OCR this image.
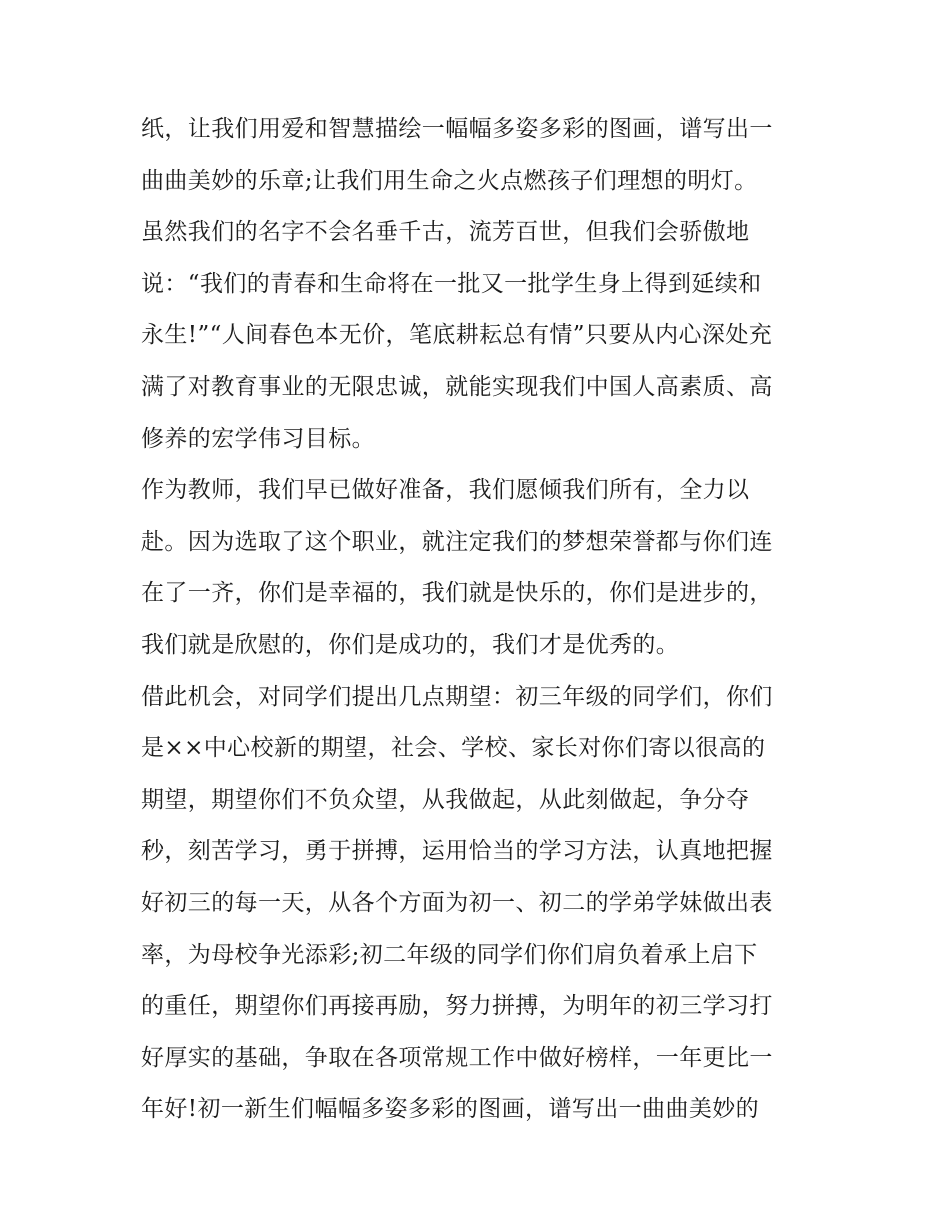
纸，让我们用爱和智慧描绘一幅幅多姿多彩的图画，谱写出一
曲曲美妙的乐章;让我们用生命之火点燃孩子们理想的明灯。
虽然我们的名字不会名垂千古，流芳百世，但我们会骄傲地
说：“我们的青春和生命将在一批又一批学生身上得到延续和
永生!”“人间春色本无价，笔底耕耘总有情”只要从内心深处充
满了对教育事业的无限忠诚，就能实现我们中国人高素质、高
修养的宏学伟习目标。
作为教师，我们早已做好准备，我们愿倾我们所有，全力以
赴。因为选取了这个职业，就注定我们的梦想荣誉都与你们连
在了一齐，你们是幸福的，我们就是快乐的，你们是进步的，
我们就是欣慰的，你们是成功的，我们才是优秀的。
借此机会，对同学们提出几点期望：初三年级的同学们，你们
是××中心校新的期望，社会、学校、家长对你们寄以很高的
期望，期望你们不负众望，从我做起，从此刻做起，争分夺
秒，刻苦学习，勇于拼搏，运用恰当的学习方法，认真地把握
好初三的每一天，从各个方面为初一、初二的学弟学妹做出表
率，为母校争光添彩;初二年级的同学们你们肩负着承上启下
的重任，期望你们再接再励，努力拼搏，为明年的初三学习打
好厚实的基础，争取在各项常规工作中做好榜样，一年更比一
年好!初一新生们幅幅多姿多彩的图画，谱写出一曲曲美妙的
